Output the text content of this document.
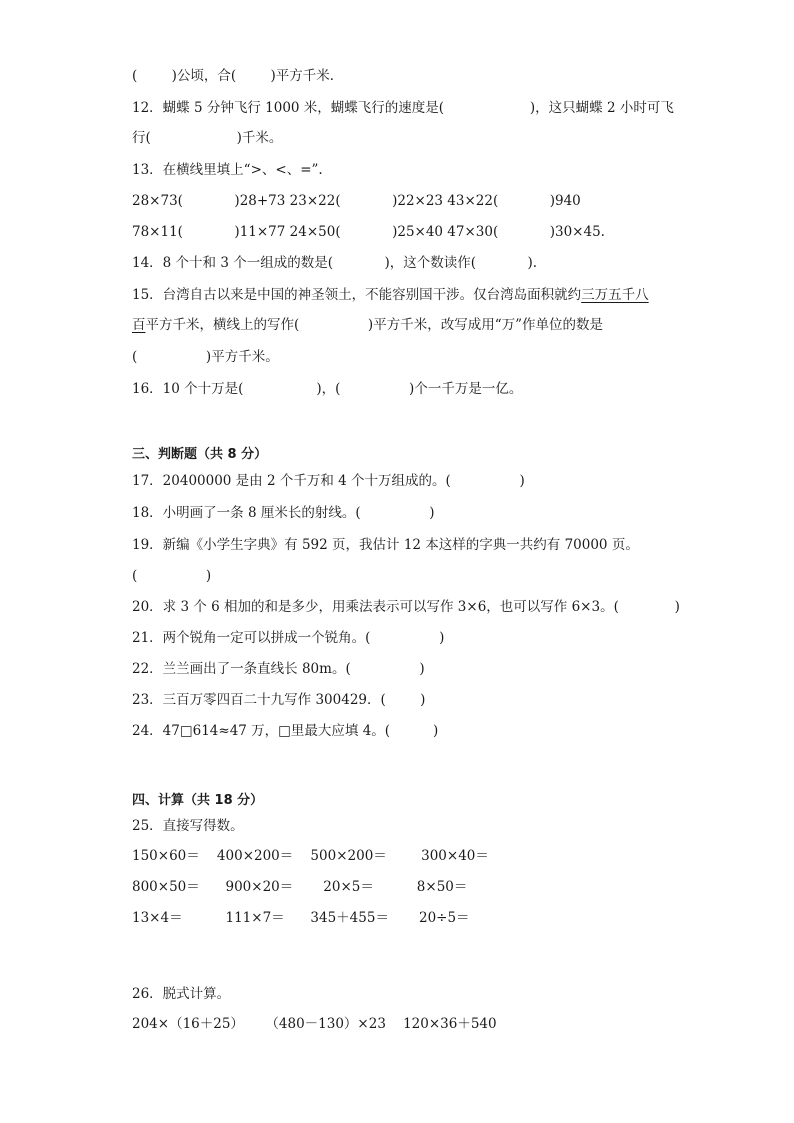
(        )公顷，合(        )平方千米．

12．蝴蝶 5 分钟飞行 1000 米，蝴蝶飞行的速度是(                    )，这只蝴蝶 2 小时可飞

行(                    )千米。

13．在横线里填上“>、<、=”.

28×73(            )28+73 23×22(            )22×23 43×22(            )940

78×11(            )11×77 24×50(            )25×40 47×30(            )30×45.

14．8 个十和 3 个一组成的数是(            )，这个数读作(            ).

15．台湾自古以来是中国的神圣领土，不能容别国干涉。仅台湾岛面积就约三万五千八

百平方千米，横线上的写作(                )平方千米，改写成用“万”作单位的数是

(                )平方千米。

16．10 个十万是(                 )，(                )个一千万是一亿。

三、判断题（共 8 分）

17．20400000 是由 2 个千万和 4 个十万组成的。(                )

18．小明画了一条 8 厘米长的射线。(                )

19．新编《小学生字典》有 592 页，我估计 12 本这样的字典一共约有 70000 页。

(                )

20．求 3 个 6 相加的和是多少，用乘法表示可以写作 3×6，也可以写作 6×3。(             )

21．两个锐角一定可以拼成一个锐角。(                )

22．兰兰画出了一条直线长 80m。(                )

23．三百万零四百二十九写作 300429．(        )

24．47□614≈47 万，□里最大应填 4。(          )

四、计算（共 18 分）

25．直接写得数。

150×60＝    400×200＝    500×200＝        300×40＝

800×50＝      900×20＝       20×5＝          8×50＝

13×4＝          111×7＝      345＋455＝       20÷5＝

26．脱式计算。

204×（16＋25）     （480－130）×23    120×36＋540
